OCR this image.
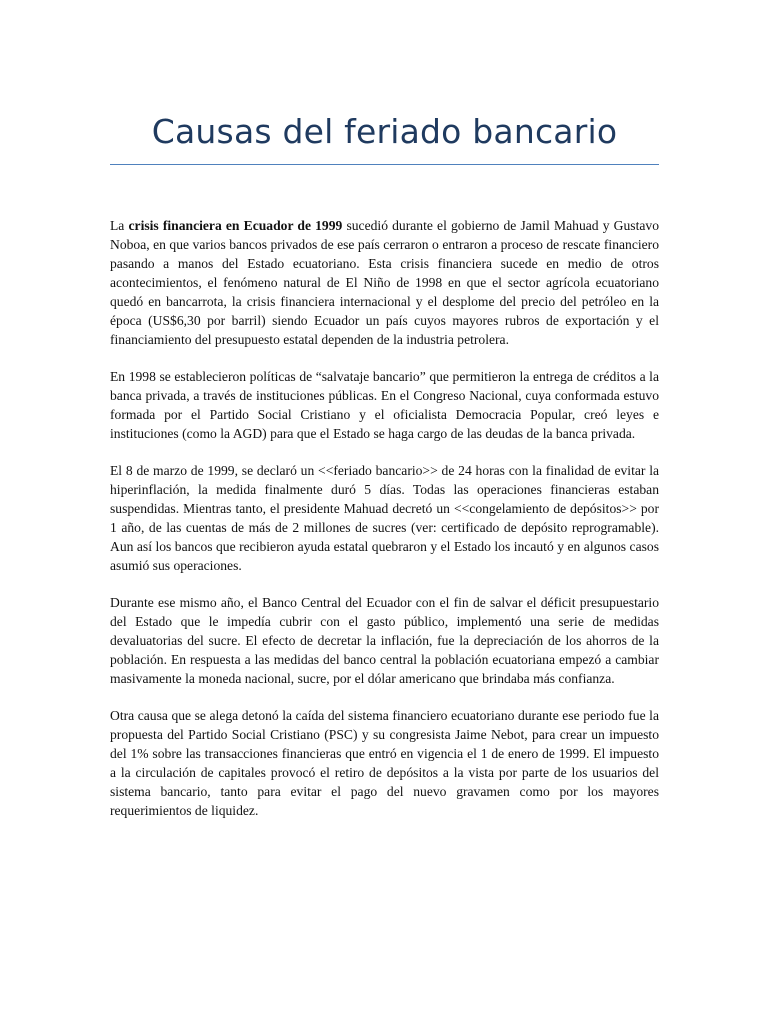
Causas del feriado bancario

La crisis financiera en Ecuador de 1999 sucedió durante el gobierno de Jamil Mahuad y Gustavo Noboa, en que varios bancos privados de ese país cerraron o entraron a proceso de rescate financiero pasando a manos del Estado ecuatoriano. Esta crisis financiera sucede en medio de otros acontecimientos, el fenómeno natural de El Niño de 1998 en que el sector agrícola ecuatoriano quedó en bancarrota, la crisis financiera internacional y el desplome del precio del petróleo en la época (US$6,30 por barril) siendo Ecuador un país cuyos mayores rubros de exportación y el financiamiento del presupuesto estatal dependen de la industria petrolera.

En 1998 se establecieron políticas de “salvataje bancario” que permitieron la entrega de créditos a la banca privada, a través de instituciones públicas. En el Congreso Nacional, cuya conformada estuvo formada por el Partido Social Cristiano y el oficialista Democracia Popular, creó leyes e instituciones (como la AGD) para que el Estado se haga cargo de las deudas de la banca privada.

El 8 de marzo de 1999, se declaró un <<feriado bancario>> de 24 horas con la finalidad de evitar la hiperinflación, la medida finalmente duró 5 días. Todas las operaciones financieras estaban suspendidas. Mientras tanto, el presidente Mahuad decretó un <<congelamiento de depósitos>> por 1 año, de las cuentas de más de 2 millones de sucres (ver: certificado de depósito reprogramable). Aun así los bancos que recibieron ayuda estatal quebraron y el Estado los incautó y en algunos casos asumió sus operaciones.

Durante ese mismo año, el Banco Central del Ecuador con el fin de salvar el déficit presupuestario del Estado que le impedía cubrir con el gasto público, implementó una serie de medidas devaluatorias del sucre. El efecto de decretar la inflación, fue la depreciación de los ahorros de la población. En respuesta a las medidas del banco central la población ecuatoriana empezó a cambiar masivamente la moneda nacional, sucre, por el dólar americano que brindaba más confianza.

Otra causa que se alega detonó la caída del sistema financiero ecuatoriano durante ese periodo fue la propuesta del Partido Social Cristiano (PSC) y su congresista Jaime Nebot, para crear un impuesto del 1% sobre las transacciones financieras que entró en vigencia el 1 de enero de 1999. El impuesto a la circulación de capitales provocó el retiro de depósitos a la vista por parte de los usuarios del sistema bancario, tanto para evitar el pago del nuevo gravamen como por los mayores requerimientos de liquidez.
